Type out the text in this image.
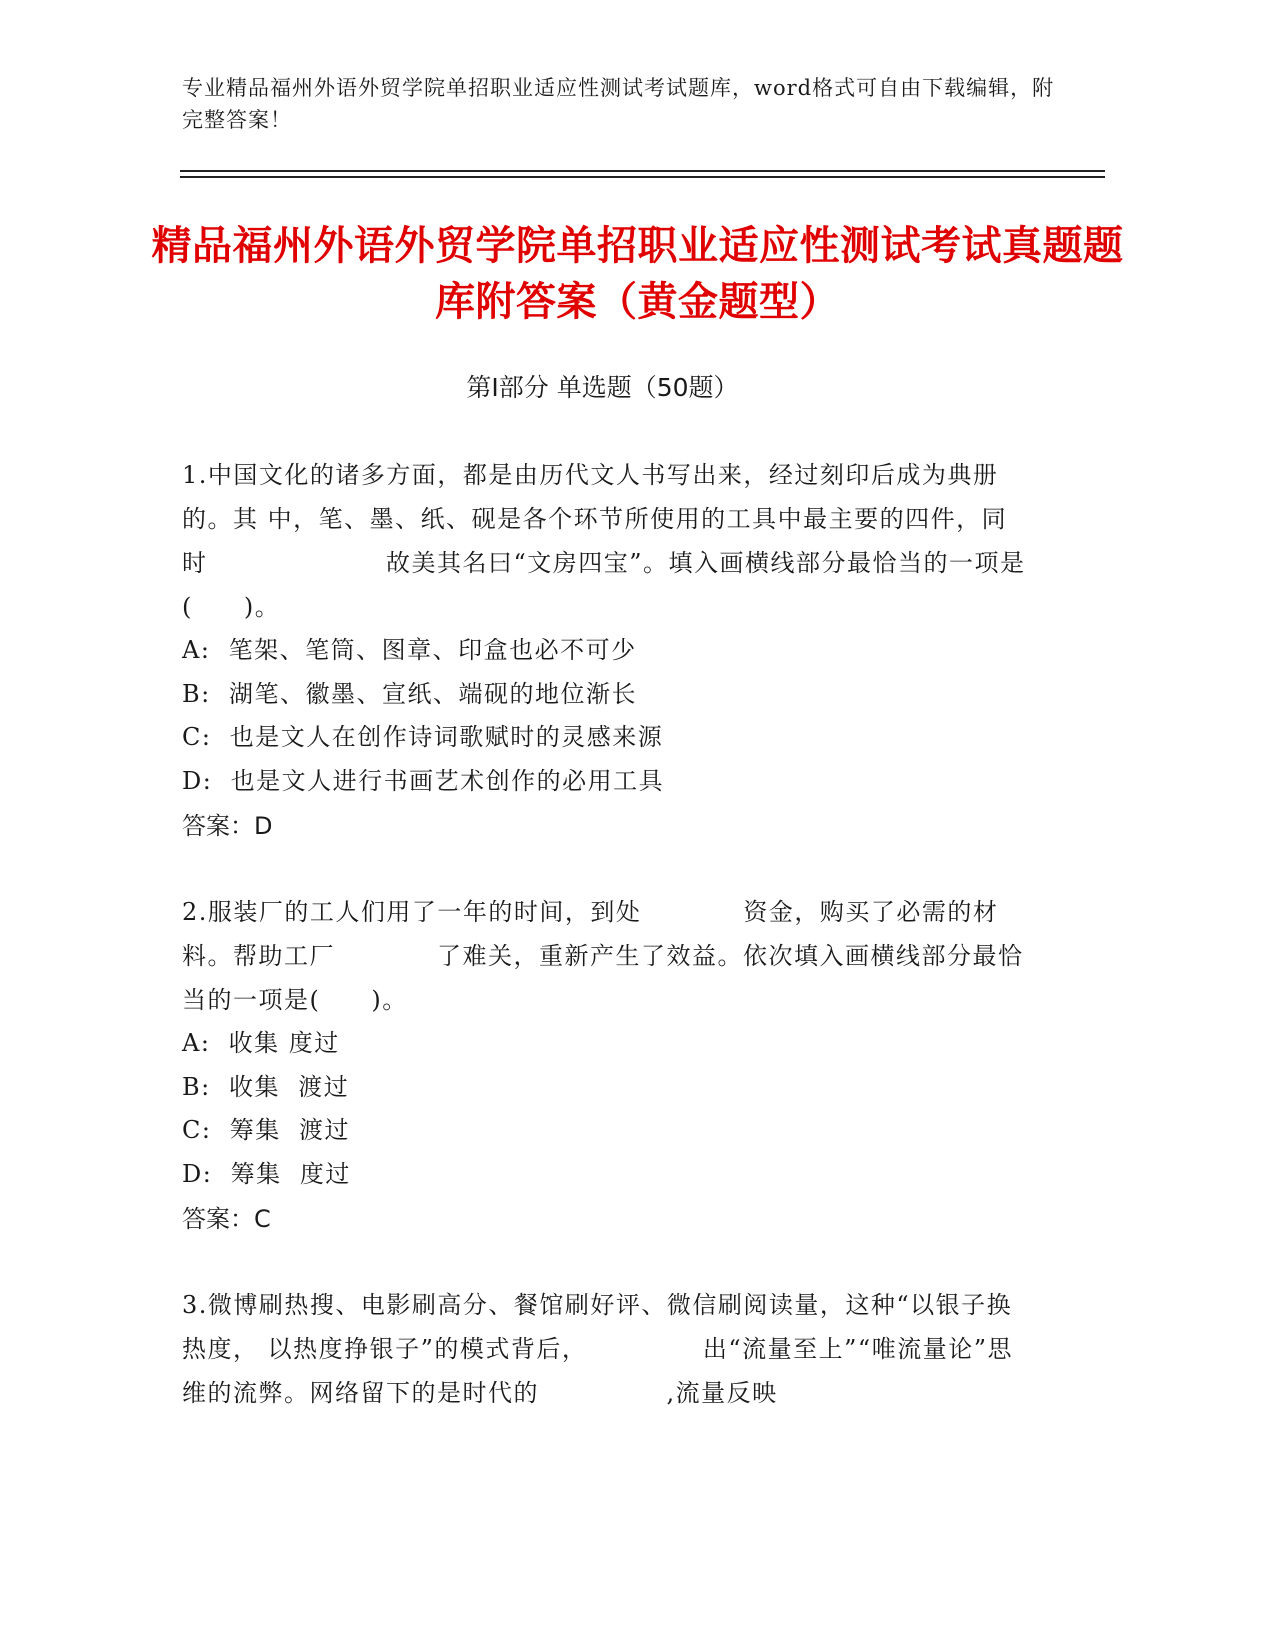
专业精品福州外语外贸学院单招职业适应性测试考试题库，word格式可自由下载编辑，附完整答案！
精品福州外语外贸学院单招职业适应性测试考试真题题库附答案（黄金题型）
第Ⅰ部分 单选题（50题）

1.中国文化的诸多方面，都是由历代文人书写出来，经过刻印后成为典册的。其 中，笔、墨、纸、砚是各个环节所使用的工具中最主要的四件，同时　　　　　　　故美其名曰“文房四宝”。填入画横线部分最恰当的一项是(　　)。

A:  笔架、笔筒、图章、印盒也必不可少
B:  湖笔、徽墨、宣纸、端砚的地位渐长
C:  也是文人在创作诗词歌赋时的灵感来源
D:  也是文人进行书画艺术创作的必用工具
答案：D

2.服装厂的工人们用了一年的时间，到处　　　　资金，购买了必需的材料。帮助工厂　　　　了难关，重新产生了效益。依次填入画横线部分最恰当的一项是(　　)。

A:  收集 度过
B:  收集  渡过
C:  筹集  渡过
D:  筹集  度过
答案：C

3.微博刷热搜、电影刷高分、餐馆刷好评、微信刷阅读量，这种“以银子换热度， 以热度挣银子”的模式背后，　　　　　出“流量至上”“唯流量论”思维的流弊。网络留下的是时代的　　　　　,流量反映
